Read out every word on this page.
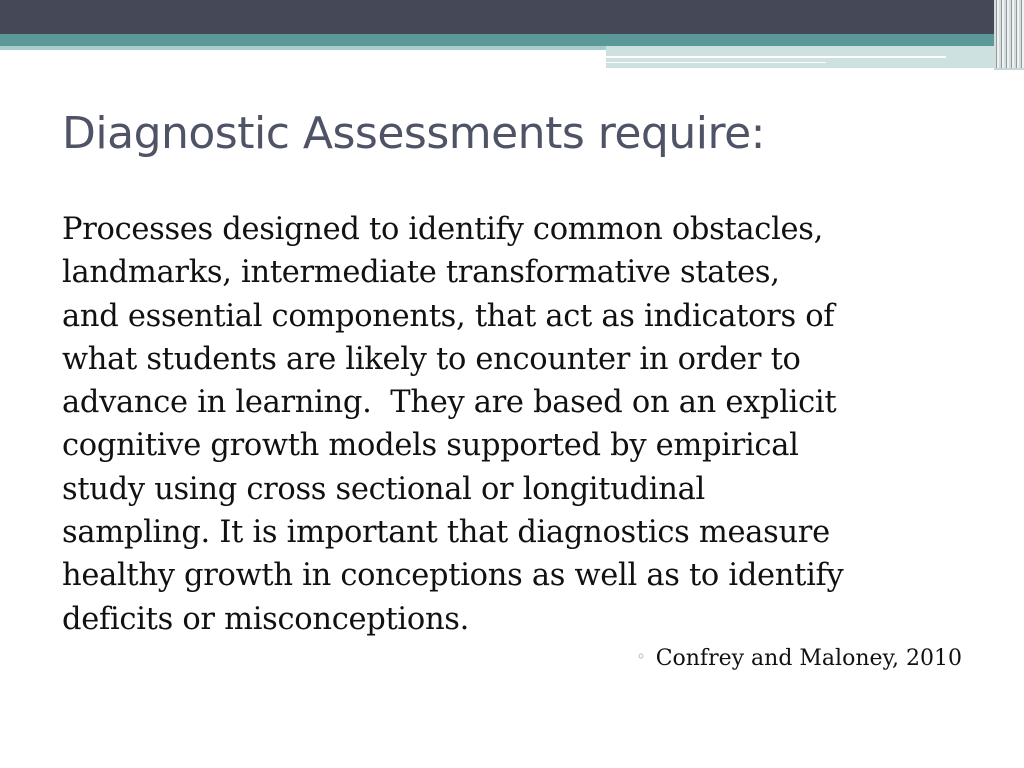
Diagnostic Assessments require:

Processes designed to identify common obstacles,
landmarks, intermediate transformative states,
and essential components, that act as indicators of
what students are likely to encounter in order to
advance in learning.  They are based on an explicit
cognitive growth models supported by empirical
study using cross sectional or longitudinal
sampling. It is important that diagnostics measure
healthy growth in conceptions as well as to identify
deficits or misconceptions.

◦ Confrey and Maloney, 2010
